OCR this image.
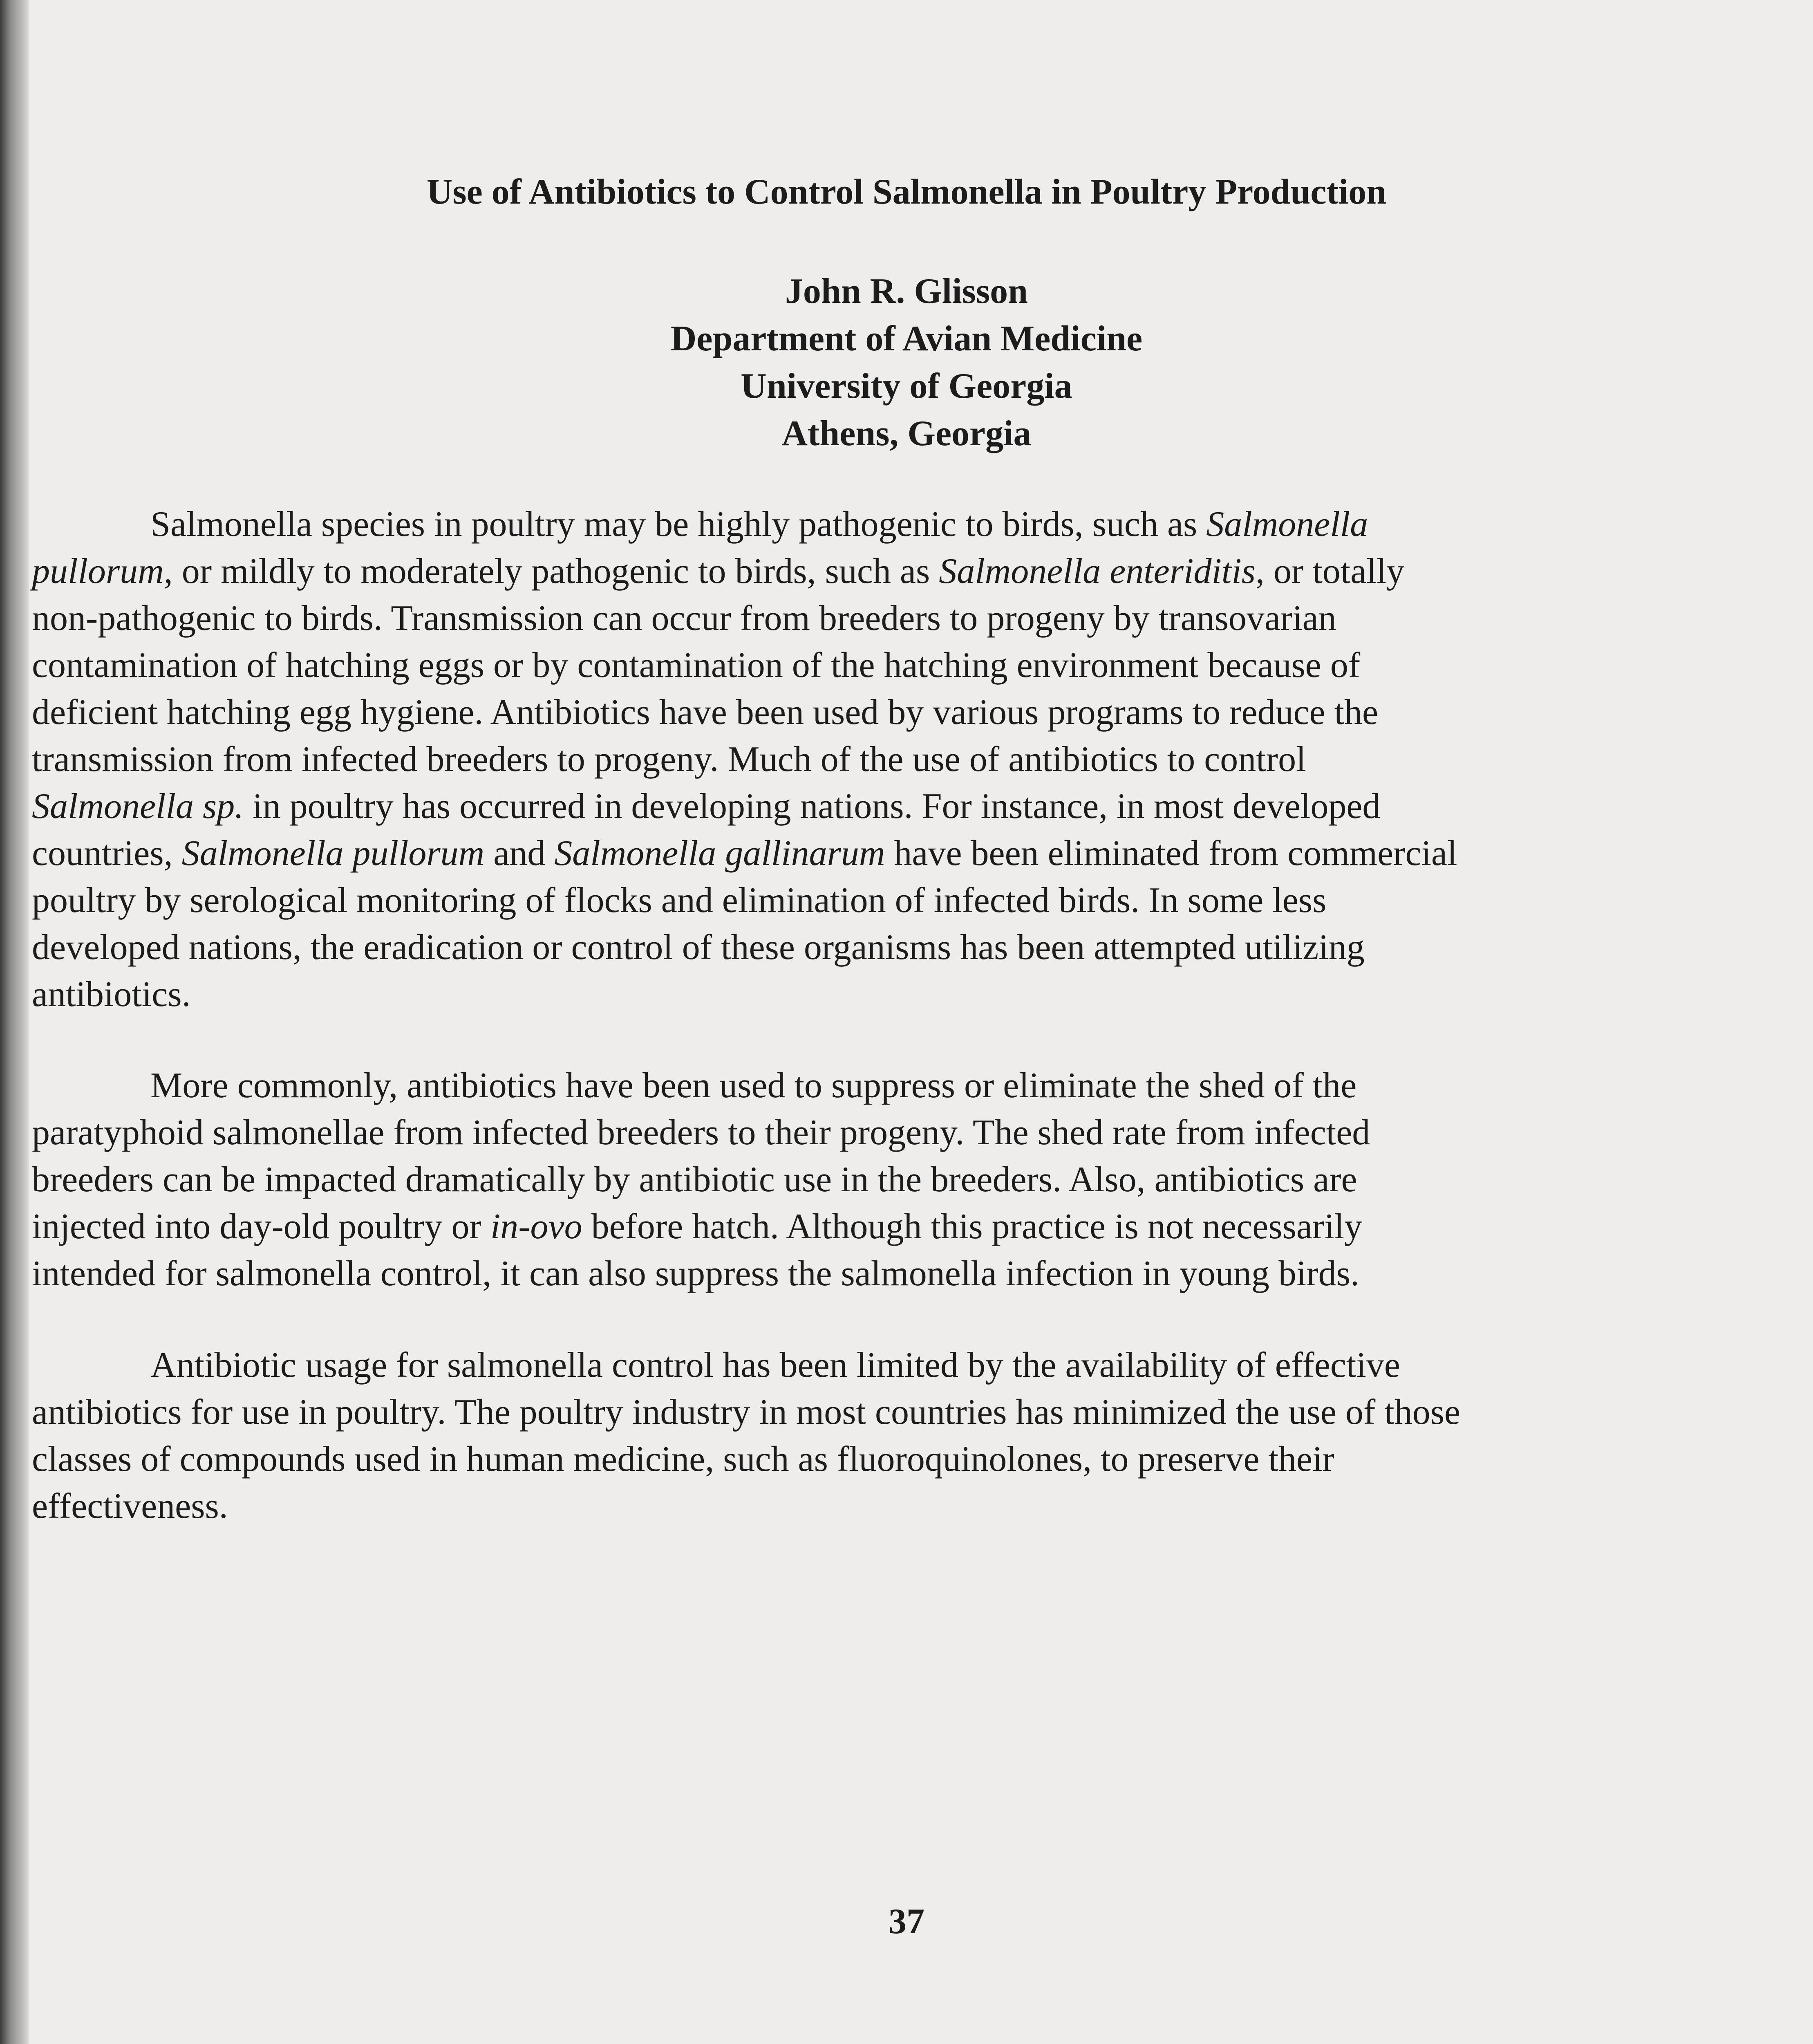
Use of Antibiotics to Control Salmonella in Poultry Production
John R. Glisson
Department of Avian Medicine
University of Georgia
Athens, Georgia
Salmonella species in poultry may be highly pathogenic to birds, such as Salmonella
pullorum, or mildly to moderately pathogenic to birds, such as Salmonella enteriditis, or totally
non-pathogenic to birds. Transmission can occur from breeders to progeny by transovarian
contamination of hatching eggs or by contamination of the hatching environment because of
deficient hatching egg hygiene. Antibiotics have been used by various programs to reduce the
transmission from infected breeders to progeny. Much of the use of antibiotics to control
Salmonella sp. in poultry has occurred in developing nations. For instance, in most developed
countries, Salmonella pullorum and Salmonella gallinarum have been eliminated from commercial
poultry by serological monitoring of flocks and elimination of infected birds. In some less
developed nations, the eradication or control of these organisms has been attempted utilizing
antibiotics.
More commonly, antibiotics have been used to suppress or eliminate the shed of the
paratyphoid salmonellae from infected breeders to their progeny. The shed rate from infected
breeders can be impacted dramatically by antibiotic use in the breeders. Also, antibiotics are
injected into day-old poultry or in-ovo before hatch. Although this practice is not necessarily
intended for salmonella control, it can also suppress the salmonella infection in young birds.
Antibiotic usage for salmonella control has been limited by the availability of effective
antibiotics for use in poultry. The poultry industry in most countries has minimized the use of those
classes of compounds used in human medicine, such as fluoroquinolones, to preserve their
effectiveness.
37
